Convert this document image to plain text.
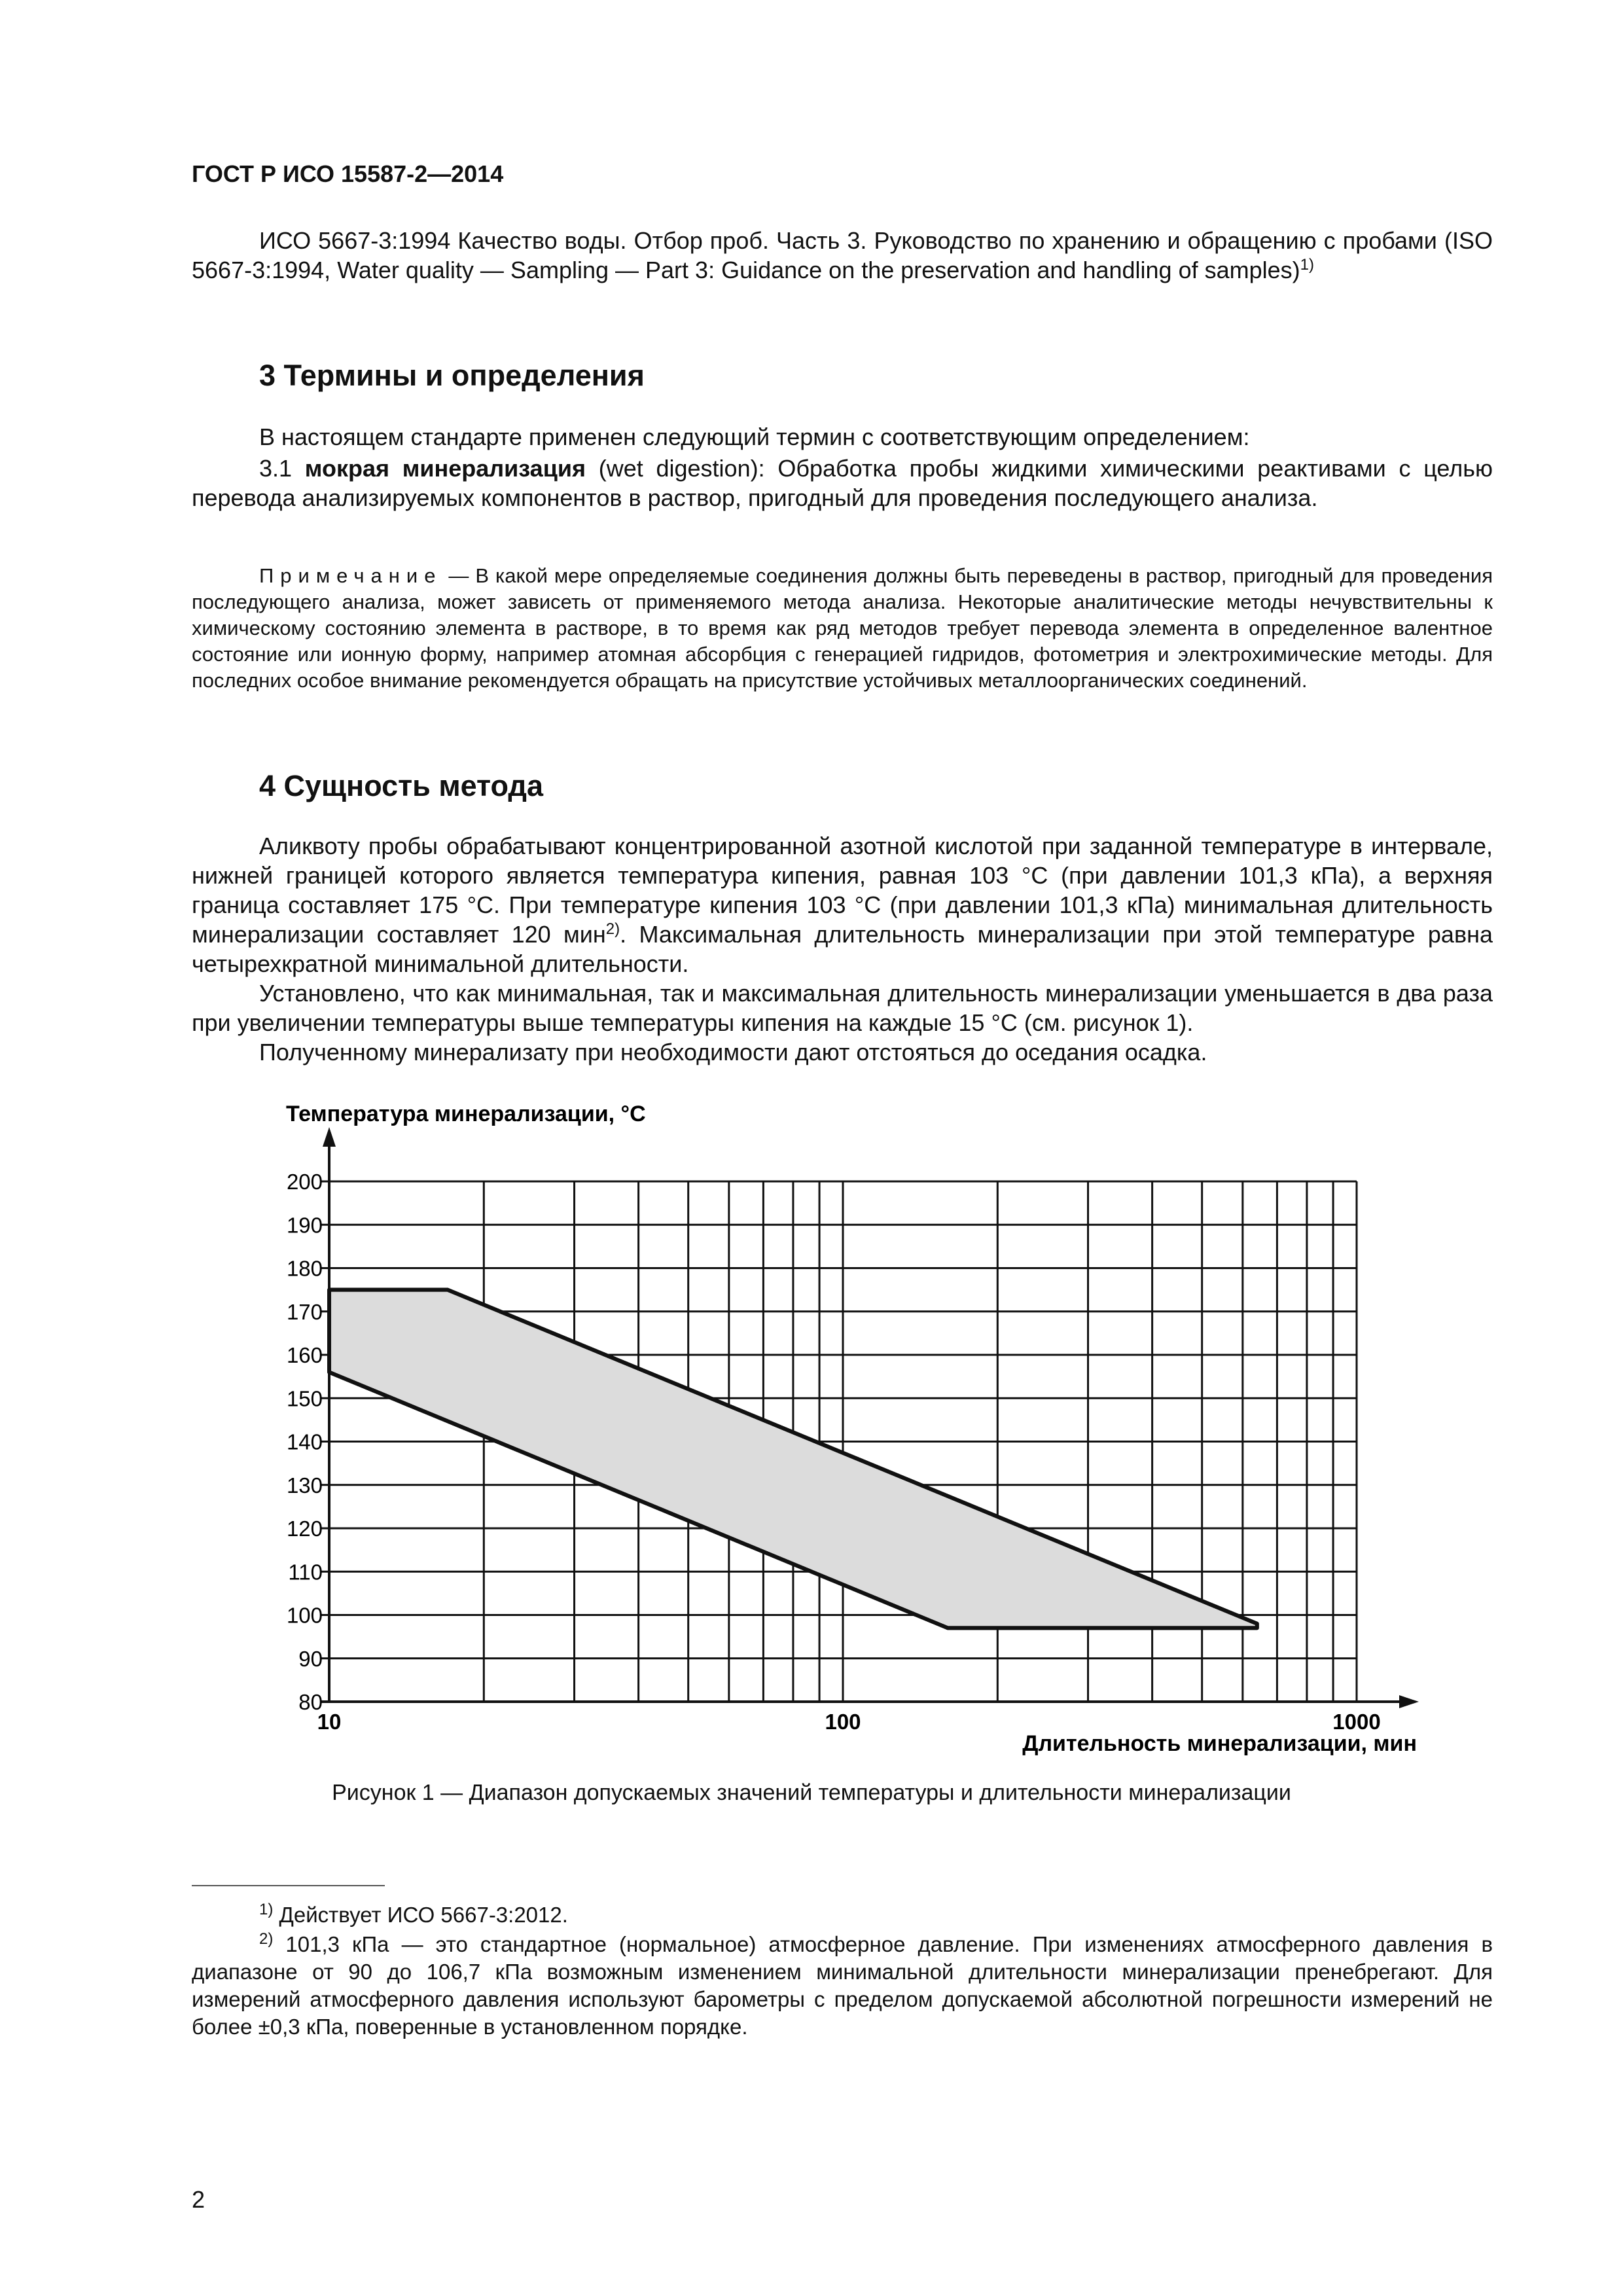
ГОСТ Р ИСО 15587-2—2014
ИСО 5667-3:1994 Качество воды. Отбор проб. Часть 3. Руководство по хранению и обращению с пробами (ISO 5667-3:1994, Water quality — Sampling — Part 3: Guidance on the preservation and handling of samples)$^{1)}$
3 Термины и определения
В настоящем стандарте применен следующий термин с соответствующим определением:
3.1 мокрая минерализация (wet digestion): Обработка пробы жидкими химическими реактивами с целью перевода анализируемых компонентов в раствор, пригодный для проведения последующего анализа.
Примечание — В какой мере определяемые соединения должны быть переведены в раствор, пригодный для проведения последующего анализа, может зависеть от применяемого метода анализа. Некоторые аналитические методы нечувствительны к химическому состоянию элемента в растворе, в то время как ряд методов требует перевода элемента в определенное валентное состояние или ионную форму, например атомная абсорбция с генерацией гидридов, фотометрия и электрохимические методы. Для последних особое внимание рекомендуется обращать на присутствие устойчивых металлоорганических соединений.
4 Сущность метода
Аликвоту пробы обрабатывают концентрированной азотной кислотой при заданной температуре в интервале, нижней границей которого является температура кипения, равная 103 °C (при давлении 101,3 кПа), а верхняя граница составляет 175 °C. При температуре кипения 103 °C (при давлении 101,3 кПа) минимальная длительность минерализации составляет 120 мин$^{2)}$. Максимальная длительность минерализации при этой температуре равна четырехкратной минимальной длительности.
Установлено, что как минимальная, так и максимальная длительность минерализации уменьшается в два раза при увеличении температуры выше температуры кипения на каждые 15 °C (см. рисунок 1).
Полученному минерализату при необходимости дают отстояться до оседания осадка.
80
90
100
110
120
130
140
150
160
170
180
190
200
10	100	1000
Температура минерализации, °С
Длительность минерализации, мин
Рисунок 1 — Диапазон допускаемых значений температуры и длительности минерализации
$^{1)}$ Действует ИСО 5667-3:2012.
$^{2)}$ 101,3 кПа — это стандартное (нормальное) атмосферное давление. При изменениях атмосферного давления в диапазоне от 90 до 106,7 кПа возможным изменением минимальной длительности минерализации пренебрегают. Для измерений атмосферного давления используют барометры с пределом допускаемой абсолютной погрешности измерений не более ±0,3 кПа, поверенные в установленном порядке.
2
